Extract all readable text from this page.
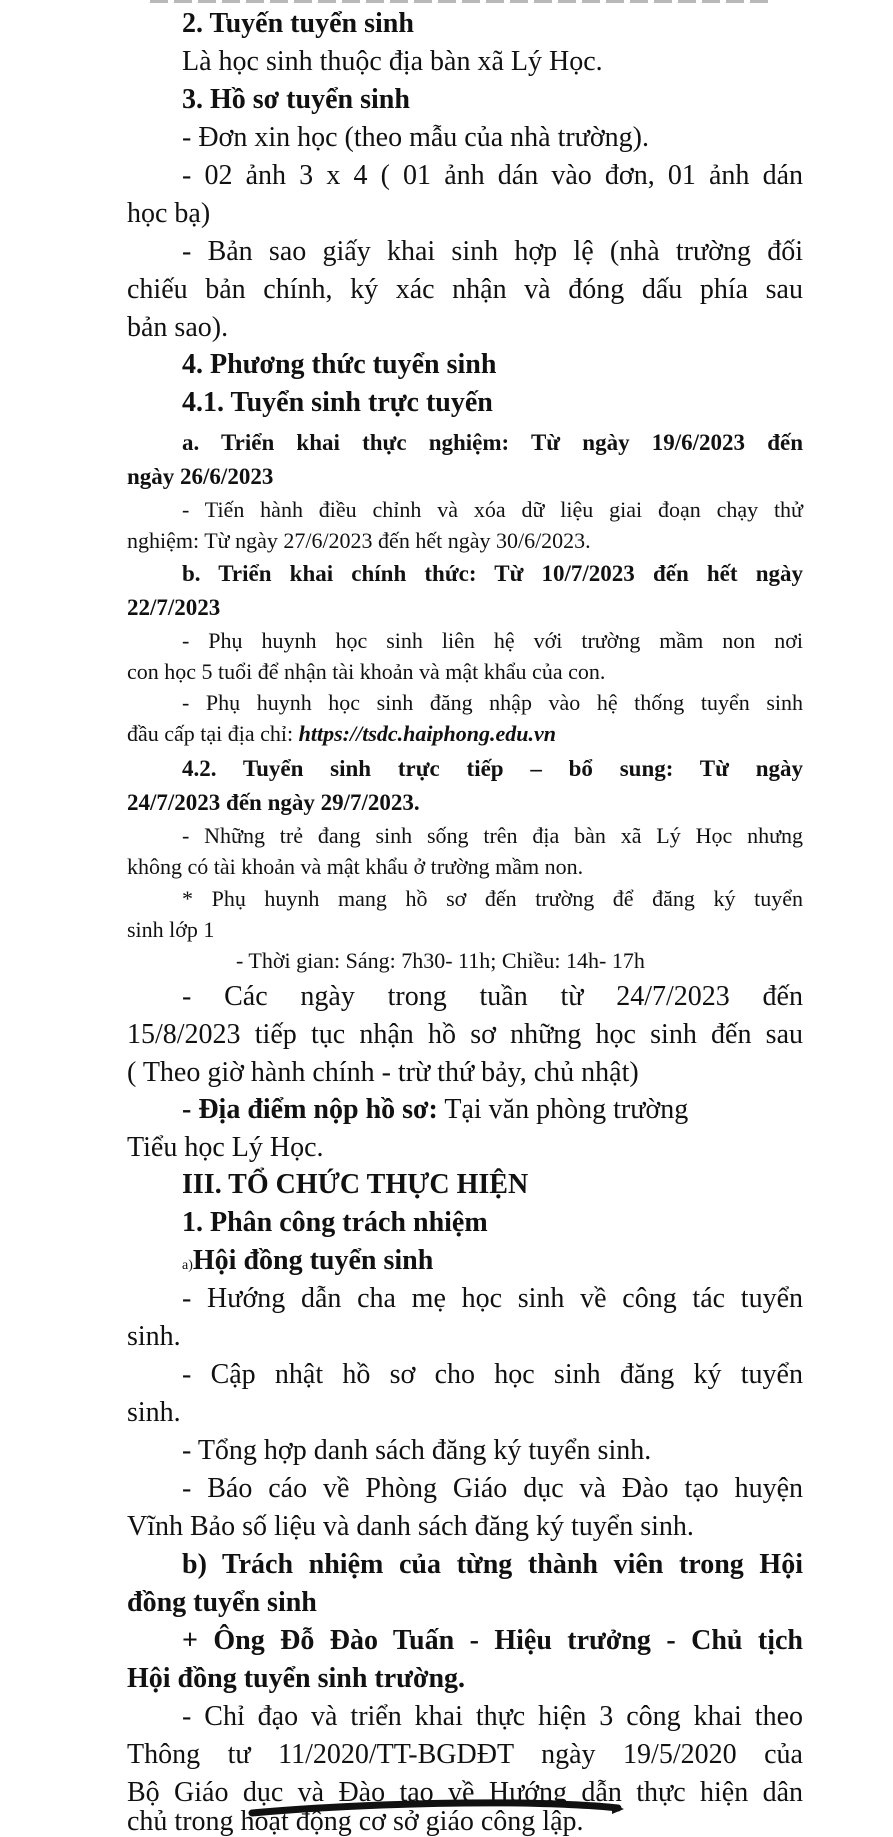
2. Tuyến tuyển sinh
Là học sinh thuộc địa bàn xã Lý Học.
3. Hồ sơ tuyển sinh
- Đơn xin học (theo mẫu của nhà trường).
- 02 ảnh 3 x 4 ( 01 ảnh dán vào đơn, 01 ảnh dán
học bạ)
- Bản sao giấy khai sinh hợp lệ (nhà trường đối
chiếu bản chính, ký xác nhận và đóng dấu phía sau
bản sao).
4. Phương thức tuyển sinh
4.1. Tuyển sinh trực tuyến
a. Triển khai thực nghiệm: Từ ngày 19/6/2023 đến
ngày 26/6/2023
- Tiến hành điều chỉnh và xóa dữ liệu giai đoạn chạy thử
nghiệm: Từ ngày 27/6/2023 đến hết ngày 30/6/2023.
b. Triển khai chính thức: Từ 10/7/2023 đến hết ngày
22/7/2023
- Phụ huynh học sinh liên hệ với trường mầm non nơi
con học 5 tuổi để nhận tài khoản và mật khẩu của con.
- Phụ huynh học sinh đăng nhập vào hệ thống tuyển sinh
đầu cấp tại địa chỉ: https://tsdc.haiphong.edu.vn
4.2. Tuyển sinh trực tiếp – bổ sung: Từ ngày
24/7/2023 đến ngày 29/7/2023.
- Những trẻ đang sinh sống trên địa bàn xã Lý Học nhưng
không có tài khoản và mật khẩu ở trường mầm non.
* Phụ huynh mang hồ sơ đến trường để đăng ký tuyển
sinh lớp 1
- Thời gian: Sáng: 7h30- 11h; Chiều: 14h- 17h
- Các ngày trong tuần từ 24/7/2023 đến
15/8/2023 tiếp tục nhận hồ sơ những học sinh đến sau
( Theo giờ hành chính - trừ thứ bảy, chủ nhật)
- Địa điểm nộp hồ sơ: Tại văn phòng trường
Tiểu học Lý Học.
III. TỔ CHỨC THỰC HIỆN
1. Phân công trách nhiệm
a)Hội đồng tuyển sinh
- Hướng dẫn cha mẹ học sinh về công tác tuyển
sinh.
- Cập nhật hồ sơ cho học sinh đăng ký tuyển
sinh.
- Tổng hợp danh sách đăng ký tuyển sinh.
- Báo cáo về Phòng Giáo dục và Đào tạo huyện
Vĩnh Bảo số liệu và danh sách đăng ký tuyển sinh.
b) Trách nhiệm của từng thành viên trong Hội
đồng tuyển sinh
+ Ông Đỗ Đào Tuấn - Hiệu trưởng - Chủ tịch
Hội đồng tuyển sinh trường.
- Chỉ đạo và triển khai thực hiện 3 công khai theo
Thông tư 11/2020/TT-BGDĐT ngày 19/5/2020 của
Bộ Giáo dục và Đào tạo về Hướng dẫn thực hiện dân
chủ trong hoạt động cơ sở giáo công lập.
